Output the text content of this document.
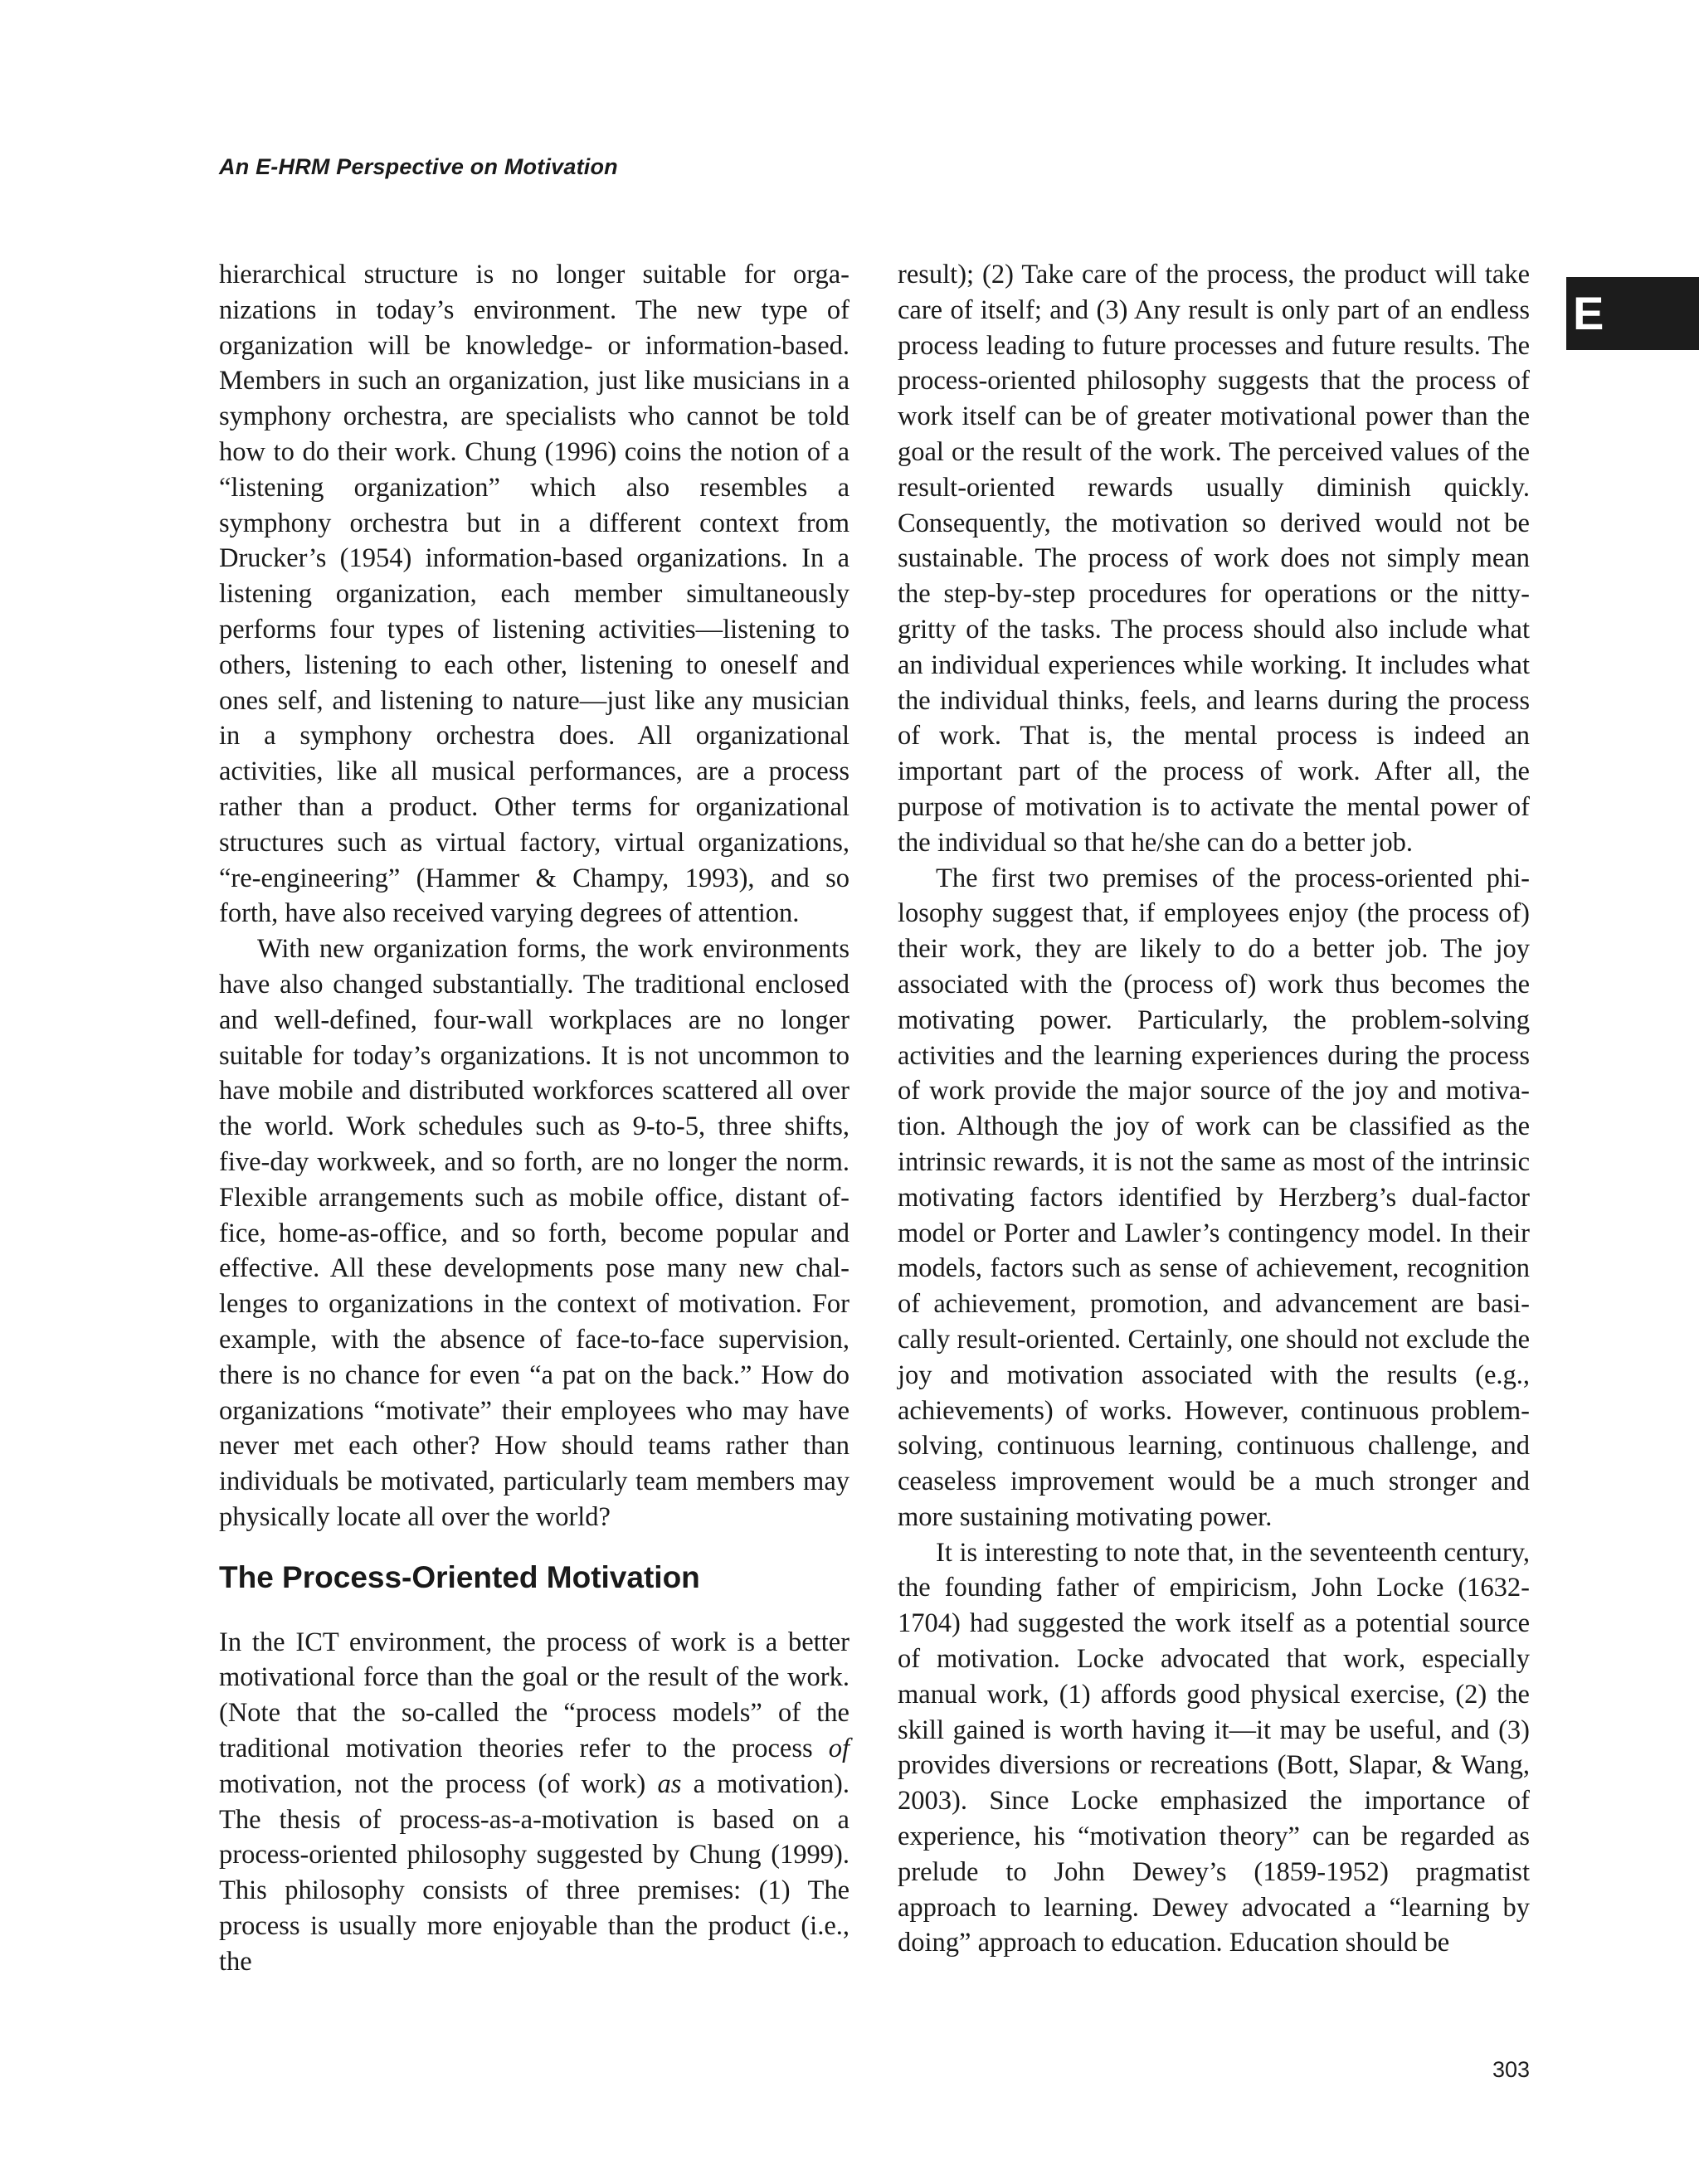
An E-HRM Perspective on Motivation
E

hierarchical structure is no longer suitable for organizations in today’s environment. The new type of organization will be knowledge- or information-based. Members in such an organization, just like musicians in a symphony orchestra, are specialists who cannot be told how to do their work. Chung (1996) coins the notion of a “listening organization” which also resembles a symphony orchestra but in a different context from Drucker’s (1954) information-based organizations. In a listening organization, each member simultaneously performs four types of listening activities—listening to others, listening to each other, listening to oneself and ones self, and listening to nature—just like any musician in a symphony orchestra does. All organizational activities, like all musical performances, are a process rather than a product. Other terms for organizational structures such as virtual factory, virtual organizations, “re-engineering” (Hammer & Champy, 1993), and so forth, have also received varying degrees of attention.

With new organization forms, the work environments have also changed substantially. The traditional enclosed and well-defined, four-wall workplaces are no longer suitable for today’s organizations. It is not uncommon to have mobile and distributed workforces scattered all over the world. Work schedules such as 9-to-5, three shifts, five-day workweek, and so forth, are no longer the norm. Flexible arrangements such as mobile office, distant office, home-as-office, and so forth, become popular and effective. All these developments pose many new challenges to organizations in the context of motivation. For example, with the absence of face-to-face supervision, there is no chance for even “a pat on the back.” How do organizations “motivate” their employees who may have never met each other? How should teams rather than individuals be motivated, particularly team members may physically locate all over the world?

The Process-Oriented Motivation

In the ICT environment, the process of work is a better motivational force than the goal or the result of the work. (Note that the so-called the “process models” of the traditional motivation theories refer to the process of motivation, not the process (of work) as a motivation). The thesis of process-as-a-motivation is based on a process-oriented philosophy suggested by Chung (1999). This philosophy consists of three premises: (1) The process is usually more enjoyable than the product (i.e., the

result); (2) Take care of the process, the product will take care of itself; and (3) Any result is only part of an endless process leading to future processes and future results. The process-oriented philosophy suggests that the process of work itself can be of greater motivational power than the goal or the result of the work. The perceived values of the result-oriented rewards usually diminish quickly. Consequently, the motivation so derived would not be sustainable. The process of work does not simply mean the step-by-step procedures for operations or the nitty-gritty of the tasks. The process should also include what an individual experiences while working. It includes what the individual thinks, feels, and learns during the process of work. That is, the mental process is indeed an important part of the process of work. After all, the purpose of motivation is to activate the mental power of the individual so that he/she can do a better job.

The first two premises of the process-oriented philosophy suggest that, if employees enjoy (the process of) their work, they are likely to do a better job. The joy associated with the (process of) work thus becomes the motivating power. Particularly, the problem-solving activities and the learning experiences during the process of work provide the major source of the joy and motivation. Although the joy of work can be classified as the intrinsic rewards, it is not the same as most of the intrinsic motivating factors identified by Herzberg’s dual-factor model or Porter and Lawler’s contingency model. In their models, factors such as sense of achievement, recognition of achievement, promotion, and advancement are basically result-oriented. Certainly, one should not exclude the joy and motivation associated with the results (e.g., achievements) of works. However, continuous problem-solving, continuous learning, continuous challenge, and ceaseless improvement would be a much stronger and more sustaining motivating power.

It is interesting to note that, in the seventeenth century, the founding father of empiricism, John Locke (1632-1704) had suggested the work itself as a potential source of motivation. Locke advocated that work, especially manual work, (1) affords good physical exercise, (2) the skill gained is worth having it—it may be useful, and (3) provides diversions or recreations (Bott, Slapar, & Wang, 2003). Since Locke emphasized the importance of experience, his “motivation theory” can be regarded as prelude to John Dewey’s (1859-1952) pragmatist approach to learning. Dewey advocated a “learning by doing” approach to education. Education should be

303
